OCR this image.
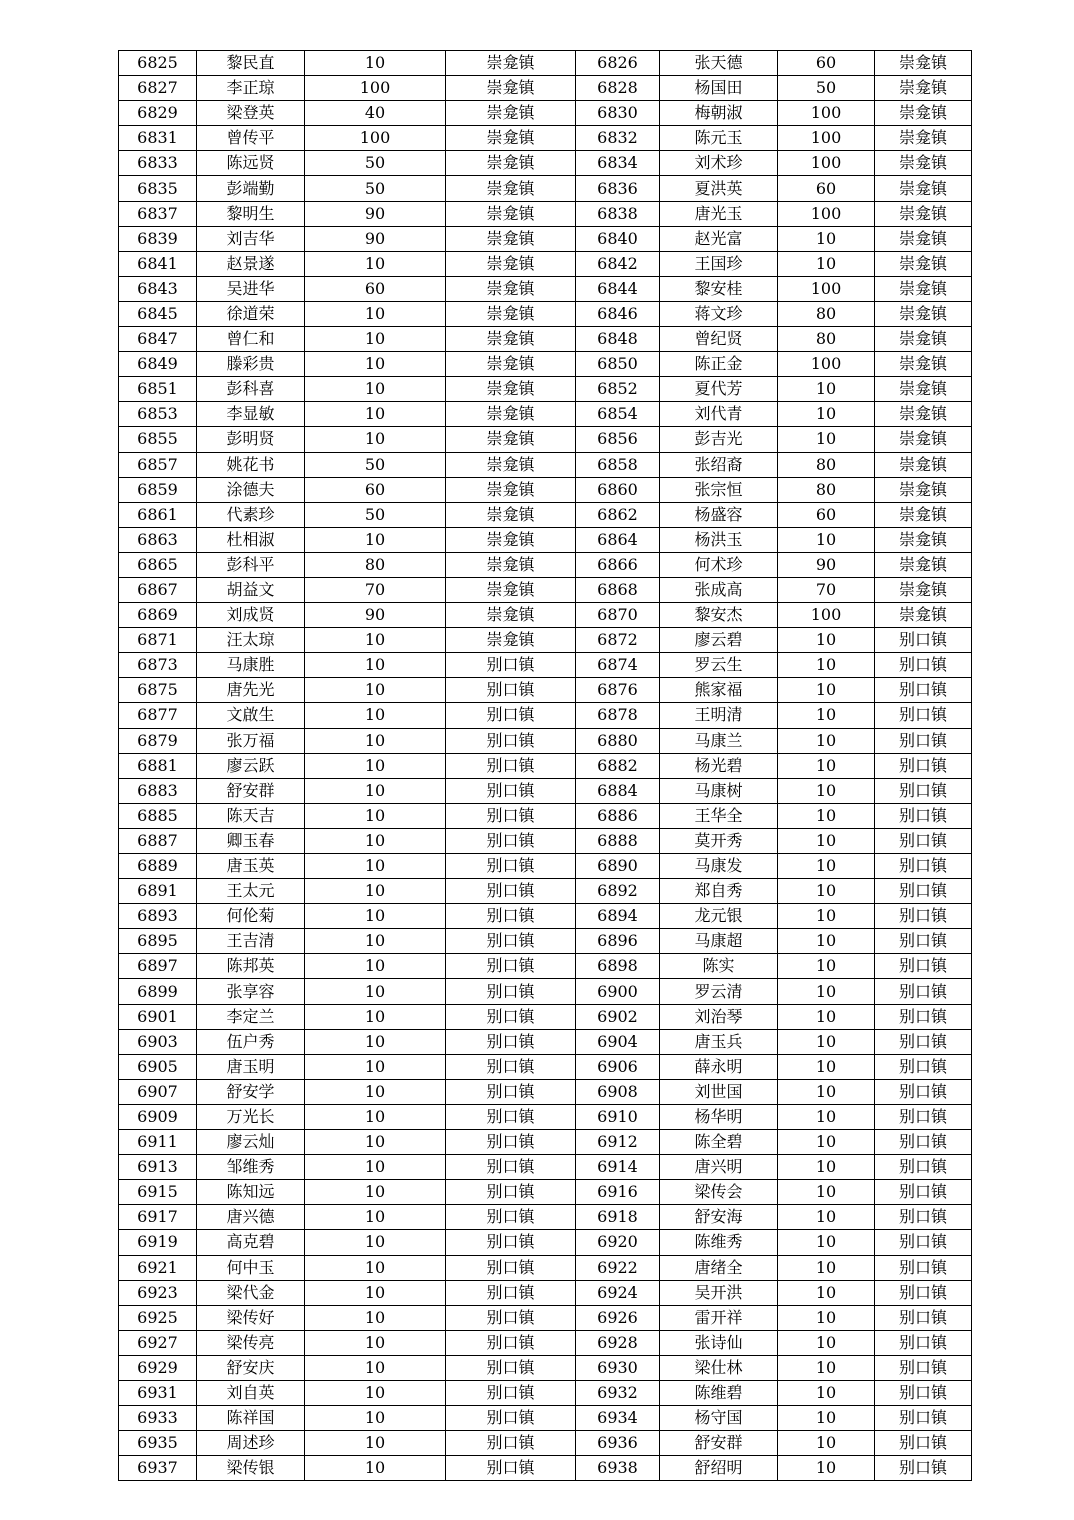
6825	黎民直	10	崇龛镇	6826	张天德	60	崇龛镇
6827	李正琼	100	崇龛镇	6828	杨国田	50	崇龛镇
6829	梁登英	40	崇龛镇	6830	梅朝淑	100	崇龛镇
6831	曾传平	100	崇龛镇	6832	陈元玉	100	崇龛镇
6833	陈远贤	50	崇龛镇	6834	刘术珍	100	崇龛镇
6835	彭端勤	50	崇龛镇	6836	夏洪英	60	崇龛镇
6837	黎明生	90	崇龛镇	6838	唐光玉	100	崇龛镇
6839	刘吉华	90	崇龛镇	6840	赵光富	10	崇龛镇
6841	赵景遂	10	崇龛镇	6842	王国珍	10	崇龛镇
6843	吴进华	60	崇龛镇	6844	黎安桂	100	崇龛镇
6845	徐道荣	10	崇龛镇	6846	蒋文珍	80	崇龛镇
6847	曾仁和	10	崇龛镇	6848	曾纪贤	80	崇龛镇
6849	滕彩贵	10	崇龛镇	6850	陈正金	100	崇龛镇
6851	彭科喜	10	崇龛镇	6852	夏代芳	10	崇龛镇
6853	李显敏	10	崇龛镇	6854	刘代青	10	崇龛镇
6855	彭明贤	10	崇龛镇	6856	彭吉光	10	崇龛镇
6857	姚花书	50	崇龛镇	6858	张绍裔	80	崇龛镇
6859	涂德夫	60	崇龛镇	6860	张宗恒	80	崇龛镇
6861	代素珍	50	崇龛镇	6862	杨盛容	60	崇龛镇
6863	杜相淑	10	崇龛镇	6864	杨洪玉	10	崇龛镇
6865	彭科平	80	崇龛镇	6866	何术珍	90	崇龛镇
6867	胡益文	70	崇龛镇	6868	张成高	70	崇龛镇
6869	刘成贤	90	崇龛镇	6870	黎安杰	100	崇龛镇
6871	汪太琼	10	崇龛镇	6872	廖云碧	10	别口镇
6873	马康胜	10	别口镇	6874	罗云生	10	别口镇
6875	唐先光	10	别口镇	6876	熊家福	10	别口镇
6877	文啟生	10	别口镇	6878	王明清	10	别口镇
6879	张万福	10	别口镇	6880	马康兰	10	别口镇
6881	廖云跃	10	别口镇	6882	杨光碧	10	别口镇
6883	舒安群	10	别口镇	6884	马康树	10	别口镇
6885	陈天吉	10	别口镇	6886	王华全	10	别口镇
6887	卿玉春	10	别口镇	6888	莫开秀	10	别口镇
6889	唐玉英	10	别口镇	6890	马康发	10	别口镇
6891	王太元	10	别口镇	6892	郑自秀	10	别口镇
6893	何伦菊	10	别口镇	6894	龙元银	10	别口镇
6895	王吉清	10	别口镇	6896	马康超	10	别口镇
6897	陈邦英	10	别口镇	6898	陈实	10	别口镇
6899	张享容	10	别口镇	6900	罗云清	10	别口镇
6901	李定兰	10	别口镇	6902	刘治琴	10	别口镇
6903	伍户秀	10	别口镇	6904	唐玉兵	10	别口镇
6905	唐玉明	10	别口镇	6906	薛永明	10	别口镇
6907	舒安学	10	别口镇	6908	刘世国	10	别口镇
6909	万光长	10	别口镇	6910	杨华明	10	别口镇
6911	廖云灿	10	别口镇	6912	陈全碧	10	别口镇
6913	邹维秀	10	别口镇	6914	唐兴明	10	别口镇
6915	陈知远	10	别口镇	6916	梁传会	10	别口镇
6917	唐兴德	10	别口镇	6918	舒安海	10	别口镇
6919	高克碧	10	别口镇	6920	陈维秀	10	别口镇
6921	何中玉	10	别口镇	6922	唐绪全	10	别口镇
6923	梁代金	10	别口镇	6924	吴开洪	10	别口镇
6925	梁传好	10	别口镇	6926	雷开祥	10	别口镇
6927	梁传亮	10	别口镇	6928	张诗仙	10	别口镇
6929	舒安庆	10	别口镇	6930	梁仕林	10	别口镇
6931	刘自英	10	别口镇	6932	陈维碧	10	别口镇
6933	陈祥国	10	别口镇	6934	杨守国	10	别口镇
6935	周述珍	10	别口镇	6936	舒安群	10	别口镇
6937	梁传银	10	别口镇	6938	舒绍明	10	别口镇
